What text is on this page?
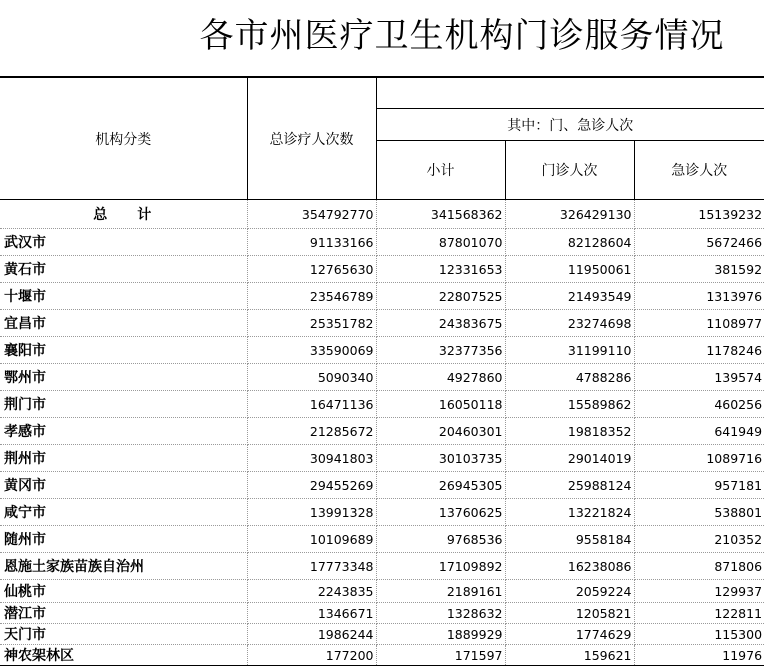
各市州医疗卫生机构门诊服务情况
机构分类	总诊疗人次数			
		其中：门、急诊人次		
		小计	门诊人次	急诊人次
总计	354792770	341568362	326429130	15139232
武汉市	91133166	87801070	82128604	5672466
黄石市	12765630	12331653	11950061	381592
十堰市	23546789	22807525	21493549	1313976
宜昌市	25351782	24383675	23274698	1108977
襄阳市	33590069	32377356	31199110	1178246
鄂州市	5090340	4927860	4788286	139574
荆门市	16471136	16050118	15589862	460256
孝感市	21285672	20460301	19818352	641949
荆州市	30941803	30103735	29014019	1089716
黄冈市	29455269	26945305	25988124	957181
咸宁市	13991328	13760625	13221824	538801
随州市	10109689	9768536	9558184	210352
恩施土家族苗族自治州	17773348	17109892	16238086	871806
仙桃市	2243835	2189161	2059224	129937
潜江市	1346671	1328632	1205821	122811
天门市	1986244	1889929	1774629	115300
神农架林区	177200	171597	159621	11976
